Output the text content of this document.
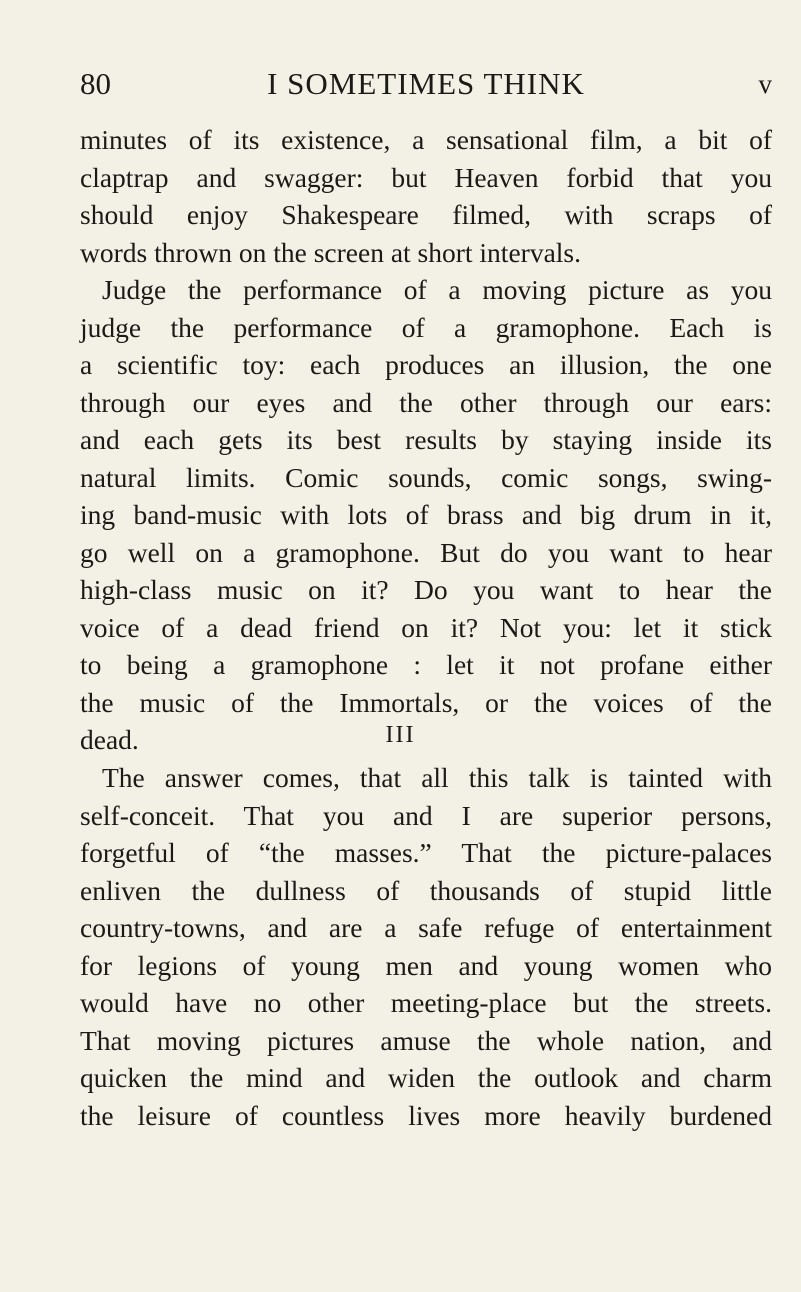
80	I SOMETIMES THINK	v
minutes of its existence, a sensational film, a bit of
claptrap and swagger: but Heaven forbid that you
should enjoy Shakespeare filmed, with scraps of
words thrown on the screen at short intervals.
Judge the performance of a moving picture as you
judge the performance of a gramophone. Each is
a scientific toy: each produces an illusion, the one
through our eyes and the other through our ears:
and each gets its best results by staying inside its
natural limits. Comic sounds, comic songs, swing-
ing band-music with lots of brass and big drum in it,
go well on a gramophone. But do you want to hear
high-class music on it? Do you want to hear the
voice of a dead friend on it? Not you: let it stick
to being a gramophone : let it not profane either
the music of the Immortals, or the voices of the
dead.	III
The answer comes, that all this talk is tainted with
self-conceit. That you and I are superior persons,
forgetful of “the masses.” That the picture-palaces
enliven the dullness of thousands of stupid little
country-towns, and are a safe refuge of entertainment
for legions of young men and young women who
would have no other meeting-place but the streets.
That moving pictures amuse the whole nation, and
quicken the mind and widen the outlook and charm
the leisure of countless lives more heavily burdened
